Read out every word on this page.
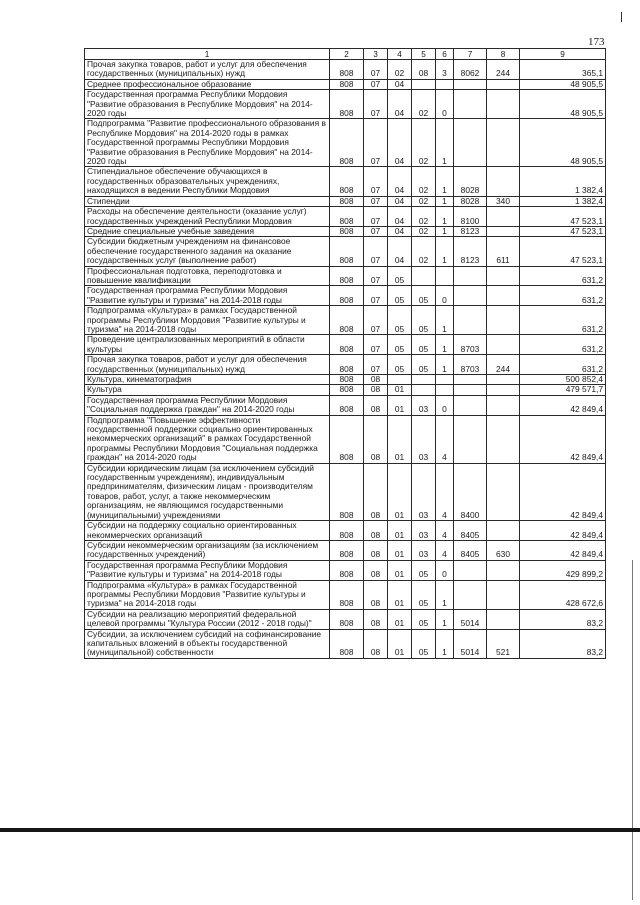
173
1	2	3	4	5	6	7	8	9
Прочая закупка товаров, работ и услуг для обеспечения государственных (муниципальных) нужд	808	07	02	08	3	8062	244	365,1
Среднее профессиональное образование	808	07	04					48 905,5
Государственная программа Республики Мордовия "Развитие образования в Республике Мордовия" на 2014-2020 годы	808	07	04	02	0			48 905,5
Подпрограмма "Развитие профессионального образования в Республике Мордовия" на 2014-2020 годы в рамках Государственной программы Республики Мордовия "Развитие образования в Республике Мордовия" на 2014-2020 годы	808	07	04	02	1			48 905,5
Стипендиальное обеспечение обучающихся в государственных образовательных учреждениях, находящихся в ведении Республики Мордовия	808	07	04	02	1	8028		1 382,4
Стипендии	808	07	04	02	1	8028	340	1 382,4
Расходы на обеспечение деятельности (оказание услуг) государственных учреждений Республики Мордовия	808	07	04	02	1	8100		47 523,1
Средние специальные учебные заведения	808	07	04	02	1	8123		47 523,1
Субсидии бюджетным учреждениям на финансовое обеспечение государственного задания на оказание государственных услуг (выполнение работ)	808	07	04	02	1	8123	611	47 523,1
Профессиональная подготовка, переподготовка и повышение квалификации	808	07	05					631,2
Государственная программа Республики Мордовия "Развитие культуры и туризма" на 2014-2018 годы	808	07	05	05	0			631,2
Подпрограмма «Культура» в рамках Государственной программы Республики Мордовия "Развитие культуры и туризма" на 2014-2018 годы	808	07	05	05	1			631,2
Проведение централизованных мероприятий в области культуры	808	07	05	05	1	8703		631,2
Прочая закупка товаров, работ и услуг для обеспечения государственных (муниципальных) нужд	808	07	05	05	1	8703	244	631,2
Культура, кинематография	808	08						500 852,4
Культура	808	08	01					479 571,7
Государственная программа Республики Мордовия "Социальная поддержка граждан" на 2014-2020 годы	808	08	01	03	0			42 849,4
Подпрограмма "Повышение эффективности государственной поддержки социально ориентированных некоммерческих организаций" в рамках Государственной программы Республики Мордовия "Социальная поддержка граждан" на 2014-2020 годы	808	08	01	03	4			42 849,4
Субсидии юридическим лицам (за исключением субсидий государственным учреждениям), индивидуальным предпринимателям, физическим лицам - производителям товаров, работ, услуг, а также некоммерческим организациям, не являющимся государственными (муниципальными) учреждениями	808	08	01	03	4	8400		42 849,4
Субсидии на поддержку социально ориентированных некоммерческих организаций	808	08	01	03	4	8405		42 849,4
Субсидии некоммерческим организациям (за исключением государственных учреждений)	808	08	01	03	4	8405	630	42 849,4
Государственная программа Республики Мордовия "Развитие культуры и туризма" на 2014-2018 годы	808	08	01	05	0			429 899,2
Подпрограмма «Культура» в рамках Государственной программы Республики Мордовия "Развитие культуры и туризма" на 2014-2018 годы	808	08	01	05	1			428 672,6
Субсидии на реализацию мероприятий федеральной целевой программы "Культура России (2012 - 2018 годы)"	808	08	01	05	1	5014		83,2
Субсидии, за исключением субсидий на софинансирование капитальных вложений в объекты государственной (муниципальной) собственности	808	08	01	05	1	5014	521	83,2
